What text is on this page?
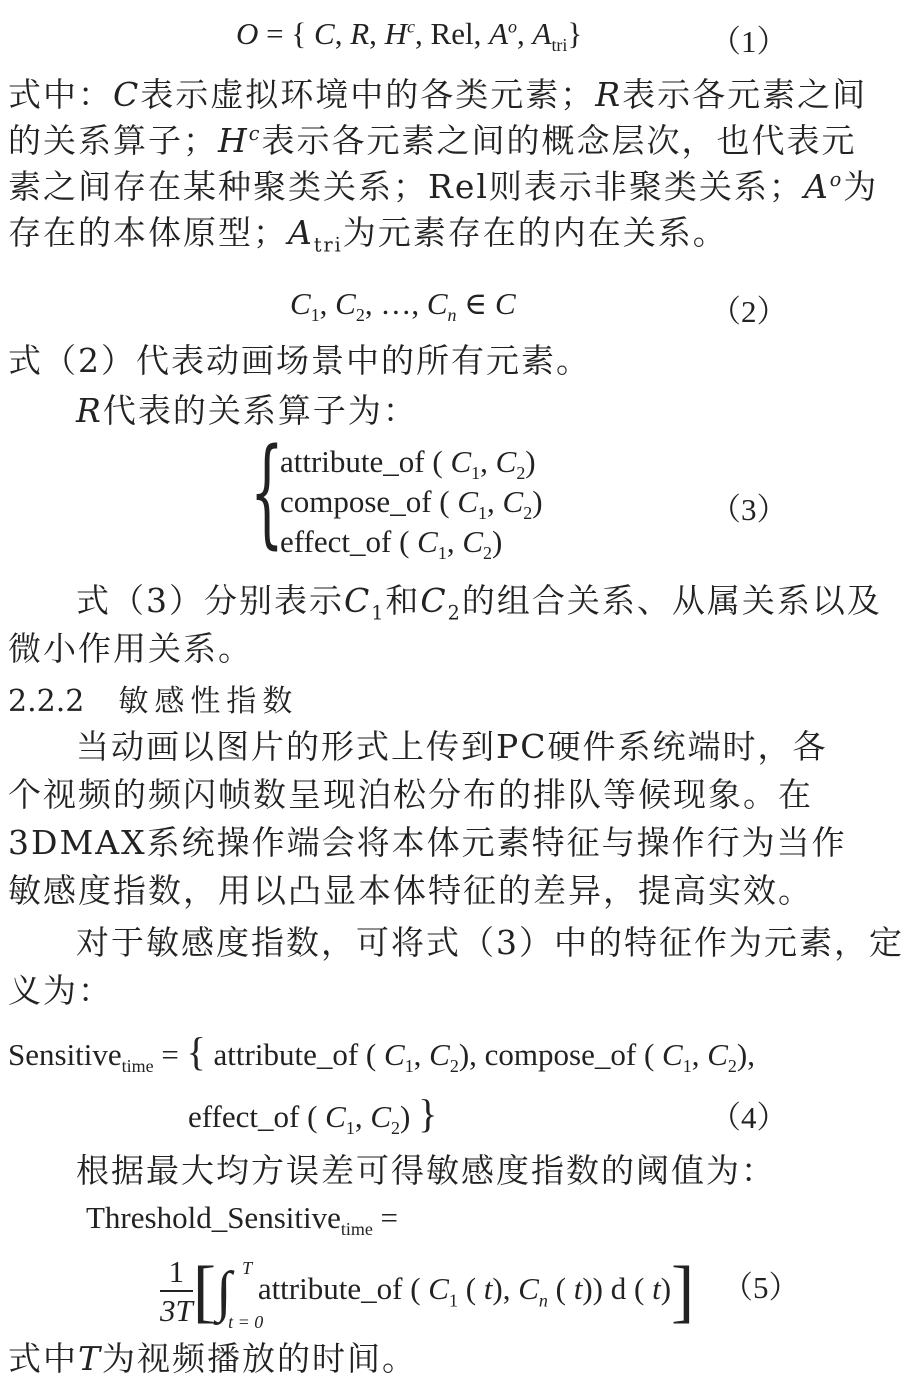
O = { C, R, $H^c$, Rel, $A^o$, $A_{tri}$}	（1）
式中：C表示虚拟环境中的各类元素；R表示各元素之间
的关系算子；$H^c$表示各元素之间的概念层次，也代表元
素之间存在某种聚类关系；Rel则表示非聚类关系；$A^o$为
存在的本体原型；$A_{tri}$为元素存在的内在关系。
$C_1$, $C_2$, …, $C_n$ ∈ C	（2）
式（2）代表动画场景中的所有元素。
R代表的关系算子为：
{
attribute_of ( $C_1$, $C_2$)
compose_of ( $C_1$, $C_2$)
effect_of ( $C_1$, $C_2$)
（3）
式（3）分别表示$C_1$和$C_2$的组合关系、从属关系以及
微小作用关系。
2.2.2 敏感性指数
当动画以图片的形式上传到PC硬件系统端时，各
个视频的频闪帧数呈现泊松分布的排队等候现象。在
3DMAX系统操作端会将本体元素特征与操作行为当作
敏感度指数，用以凸显本体特征的差异，提高实效。
对于敏感度指数，可将式（3）中的特征作为元素，定
义为：
Sensitive$_{time}$ = { attribute_of ( $C_1$, $C_2$), compose_of ( $C_1$, $C_2$),
effect_of ( $C_1$, $C_2$) }	（4）
根据最大均方误差可得敏感度指数的阈值为：
Threshold_Sensitive$_{time}$ =
$\frac{1}{3T}$ [∫ T
t = 0
attribute_of ( $C_1$ ( t), $C_n$ ( t)) d ( t)] （5）
式中T为视频播放的时间。
